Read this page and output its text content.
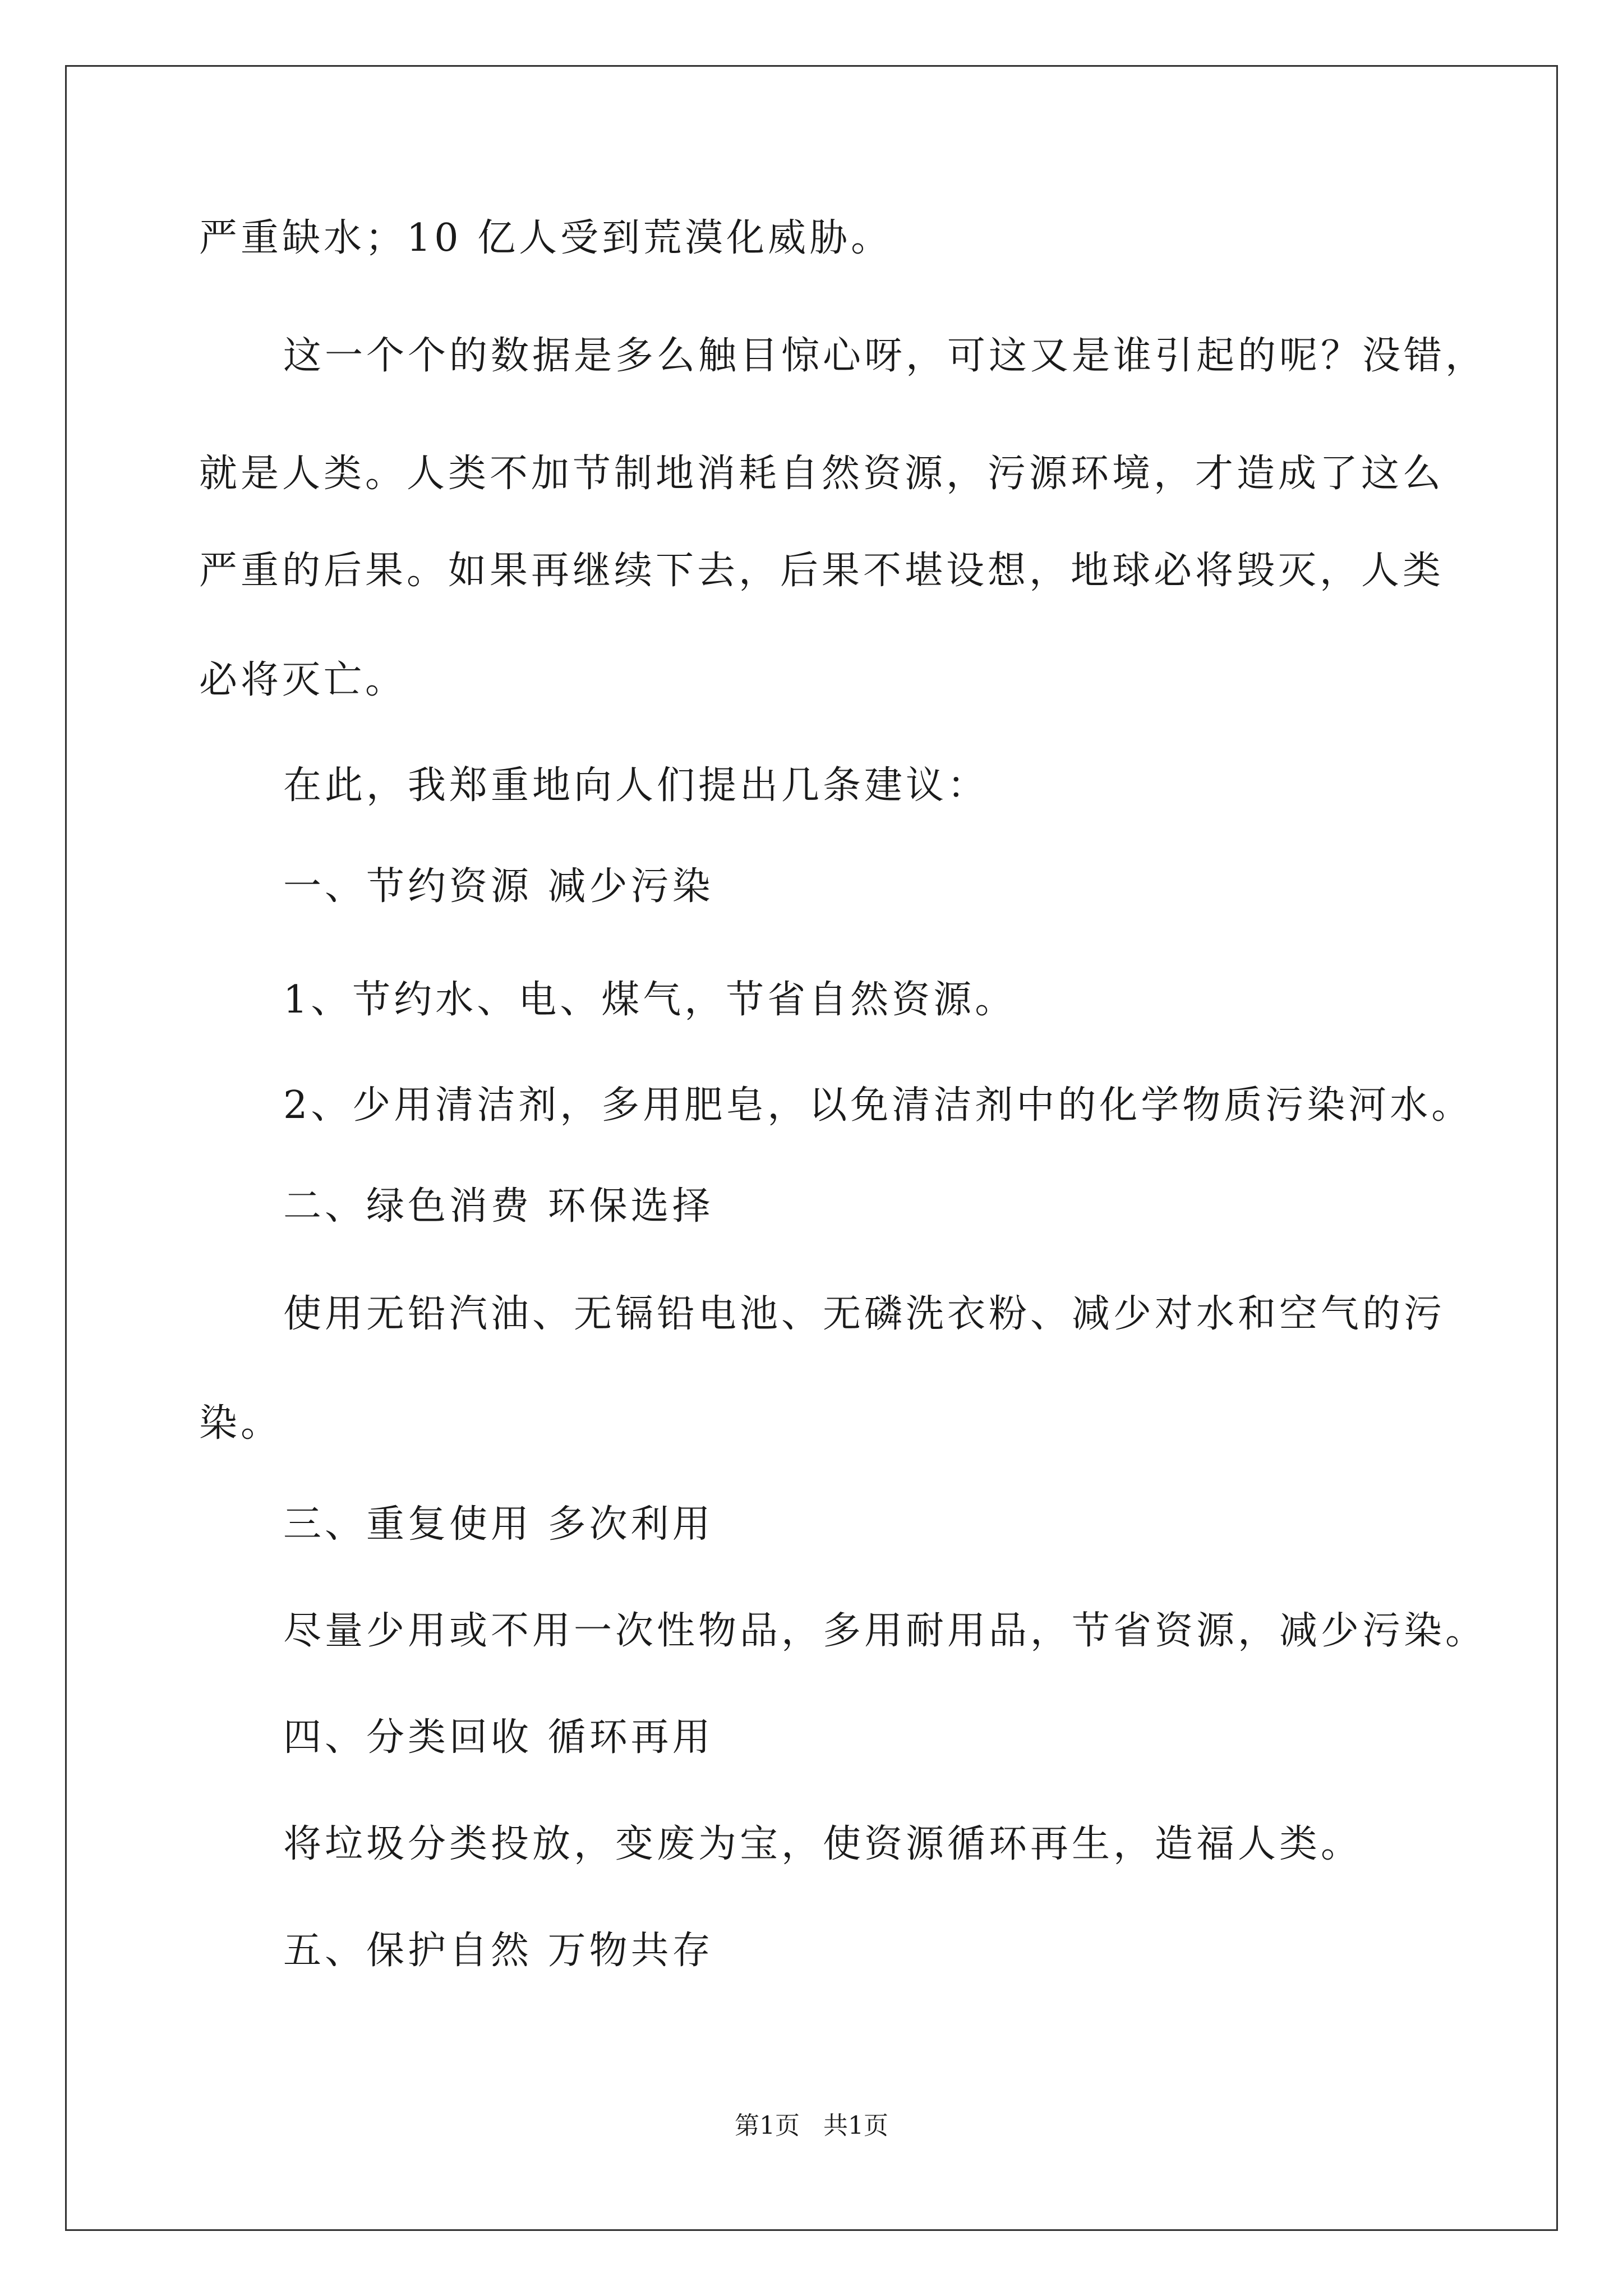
严重缺水；10 亿人受到荒漠化威胁。
这一个个的数据是多么触目惊心呀，可这又是谁引起的呢？没错，
就是人类。人类不加节制地消耗自然资源，污源环境，才造成了这么
严重的后果。如果再继续下去，后果不堪设想，地球必将毁灭，人类
必将灭亡。
在此，我郑重地向人们提出几条建议：
一、节约资源 减少污染
1、节约水、电、煤气，节省自然资源。
2、少用清洁剂，多用肥皂，以免清洁剂中的化学物质污染河水。
二、绿色消费 环保选择
使用无铅汽油、无镉铅电池、无磷洗衣粉、减少对水和空气的污
染。
三、重复使用 多次利用
尽量少用或不用一次性物品，多用耐用品，节省资源，减少污染。
四、分类回收 循环再用
将垃圾分类投放，变废为宝，使资源循环再生，造福人类。
五、保护自然 万物共存
第1页 共1页
